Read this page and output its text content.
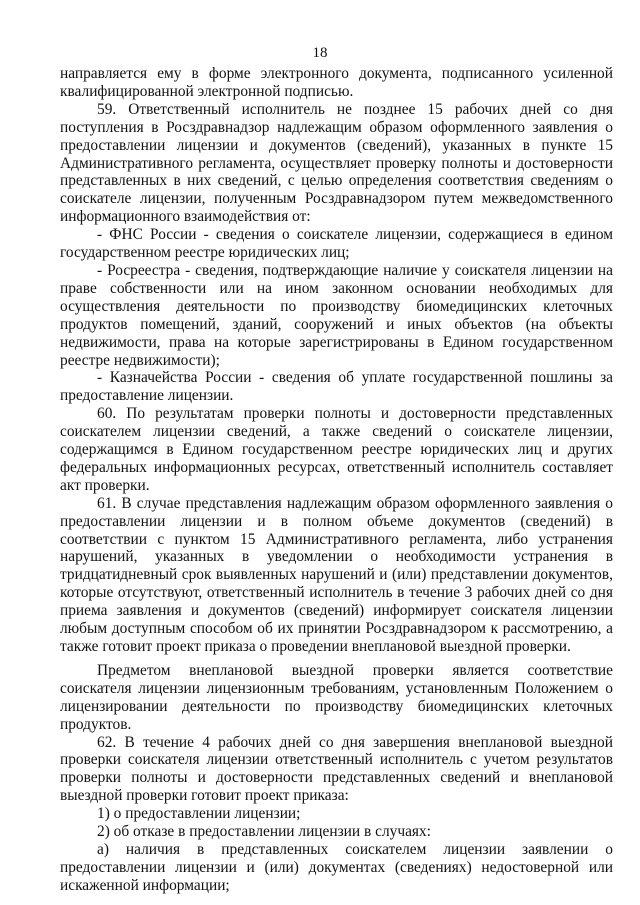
18

направляется ему в форме электронного документа, подписанного усиленной квалифицированной электронной подписью.

59. Ответственный исполнитель не позднее 15 рабочих дней со дня поступления в Росздравнадзор надлежащим образом оформленного заявления о предоставлении лицензии и документов (сведений), указанных в пункте 15 Административного регламента, осуществляет проверку полноты и достоверности представленных в них сведений, с целью определения соответствия сведениям о соискателе лицензии, полученным Росздравнадзором путем межведомственного информационного взаимодействия от:

- ФНС России - сведения о соискателе лицензии, содержащиеся в едином государственном реестре юридических лиц;

- Росреестра - сведения, подтверждающие наличие у соискателя лицензии на праве собственности или на ином законном основании необходимых для осуществления деятельности по производству биомедицинских клеточных продуктов помещений, зданий, сооружений и иных объектов (на объекты недвижимости, права на которые зарегистрированы в Едином государственном реестре недвижимости);

- Казначейства России - сведения об уплате государственной пошлины за предоставление лицензии.

60. По результатам проверки полноты и достоверности представленных соискателем лицензии сведений, а также сведений о соискателе лицензии, содержащимся в Едином государственном реестре юридических лиц и других федеральных информационных ресурсах, ответственный исполнитель составляет акт проверки.

61. В случае представления надлежащим образом оформленного заявления о предоставлении лицензии и в полном объеме документов (сведений) в соответствии с пунктом 15 Административного регламента, либо устранения нарушений, указанных в уведомлении о необходимости устранения в тридцатидневный срок выявленных нарушений и (или) представлении документов, которые отсутствуют, ответственный исполнитель в течение 3 рабочих дней со дня приема заявления и документов (сведений) информирует соискателя лицензии любым доступным способом об их принятии Росздравнадзором к рассмотрению, а также готовит проект приказа о проведении внеплановой выездной проверки.

Предметом внеплановой выездной проверки является соответствие соискателя лицензии лицензионным требованиям, установленным Положением о лицензировании деятельности по производству биомедицинских клеточных продуктов.

62. В течение 4 рабочих дней со дня завершения внеплановой выездной проверки соискателя лицензии ответственный исполнитель с учетом результатов проверки полноты и достоверности представленных сведений и внеплановой выездной проверки готовит проект приказа:

1) о предоставлении лицензии;

2) об отказе в предоставлении лицензии в случаях:

а) наличия в представленных соискателем лицензии заявлении о предоставлении лицензии и (или) документах (сведениях) недостоверной или искаженной информации;
